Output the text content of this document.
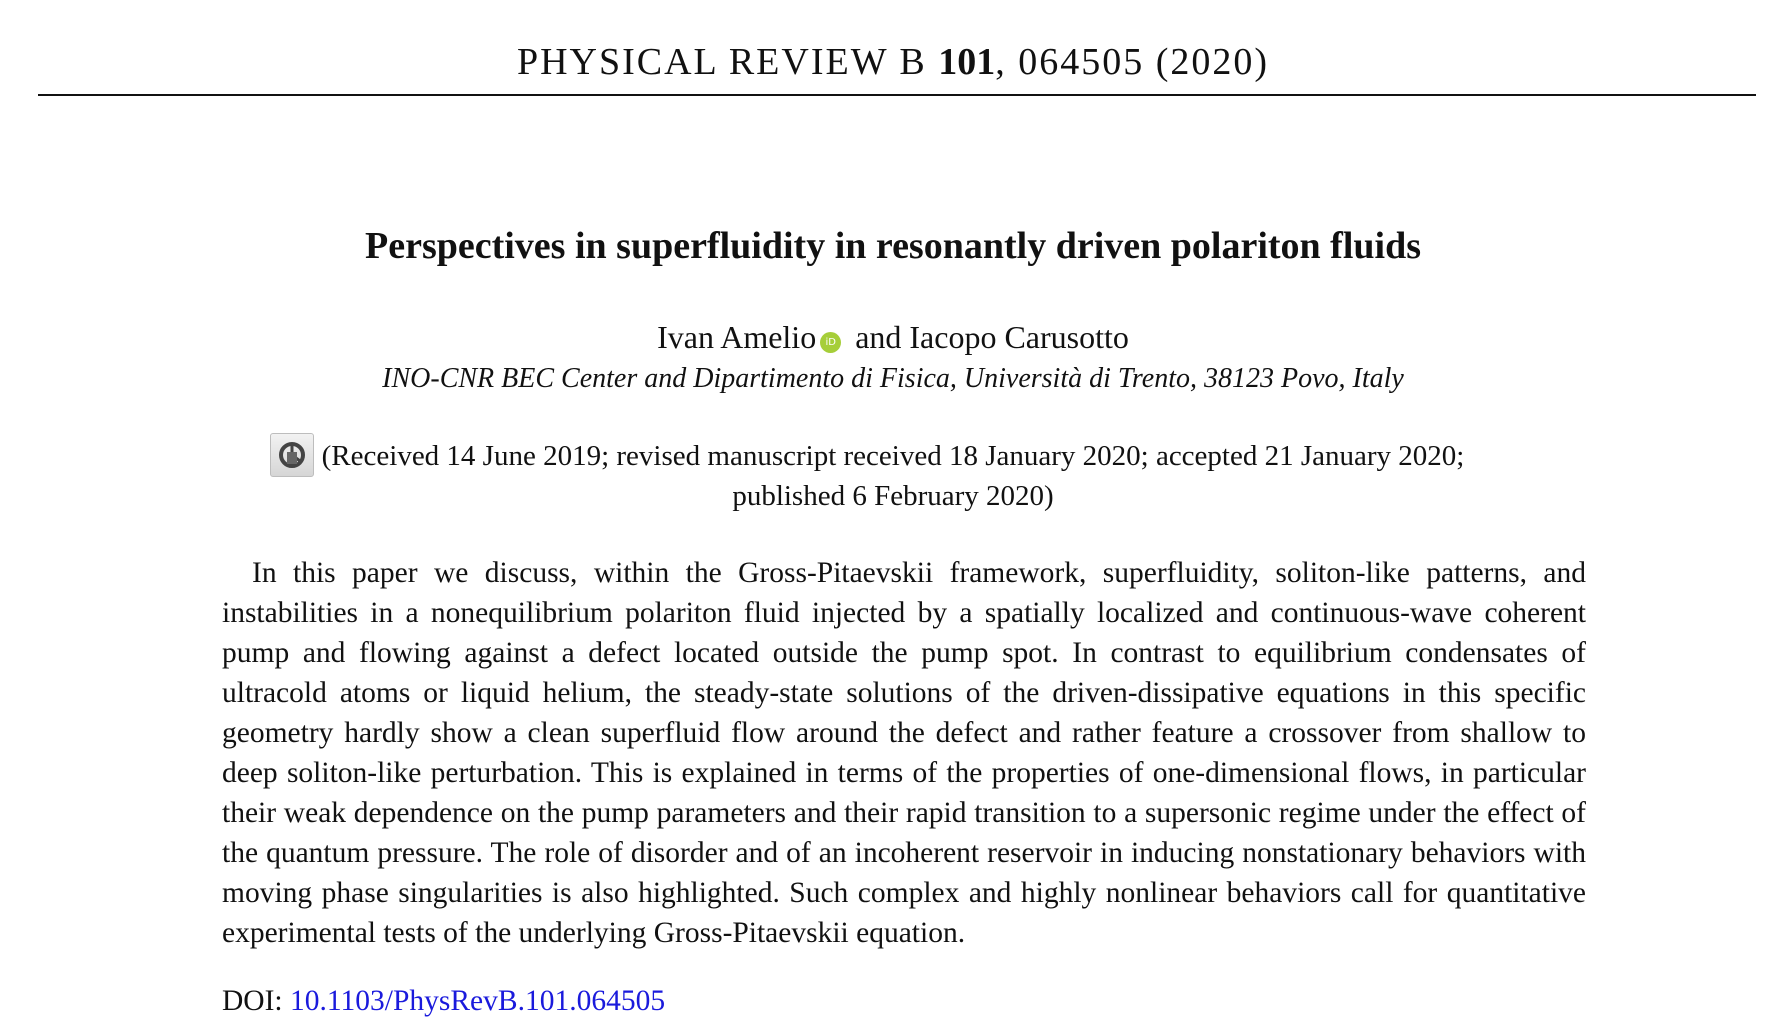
PHYSICAL REVIEW B 101, 064505 (2020)
Perspectives in superfluidity in resonantly driven polariton fluids
Ivan Amelio iD and Iacopo Carusotto
INO-CNR BEC Center and Dipartimento di Fisica, Università di Trento, 38123 Povo, Italy
(Received 14 June 2019; revised manuscript received 18 January 2020; accepted 21 January 2020;
published 6 February 2020)

In this paper we discuss, within the Gross-Pitaevskii framework, superfluidity, soliton-like patterns, and instabilities in a nonequilibrium polariton fluid injected by a spatially localized and continuous-wave coherent pump and flowing against a defect located outside the pump spot. In contrast to equilibrium condensates of ultracold atoms or liquid helium, the steady-state solutions of the driven-dissipative equations in this specific geometry hardly show a clean superfluid flow around the defect and rather feature a crossover from shallow to deep soliton-like perturbation. This is explained in terms of the properties of one-dimensional flows, in particular their weak dependence on the pump parameters and their rapid transition to a supersonic regime under the effect of the quantum pressure. The role of disorder and of an incoherent reservoir in inducing nonstationary behaviors with moving phase singularities is also highlighted. Such complex and highly nonlinear behaviors call for quantitative experimental tests of the underlying Gross-Pitaevskii equation.

DOI: 10.1103/PhysRevB.101.064505
